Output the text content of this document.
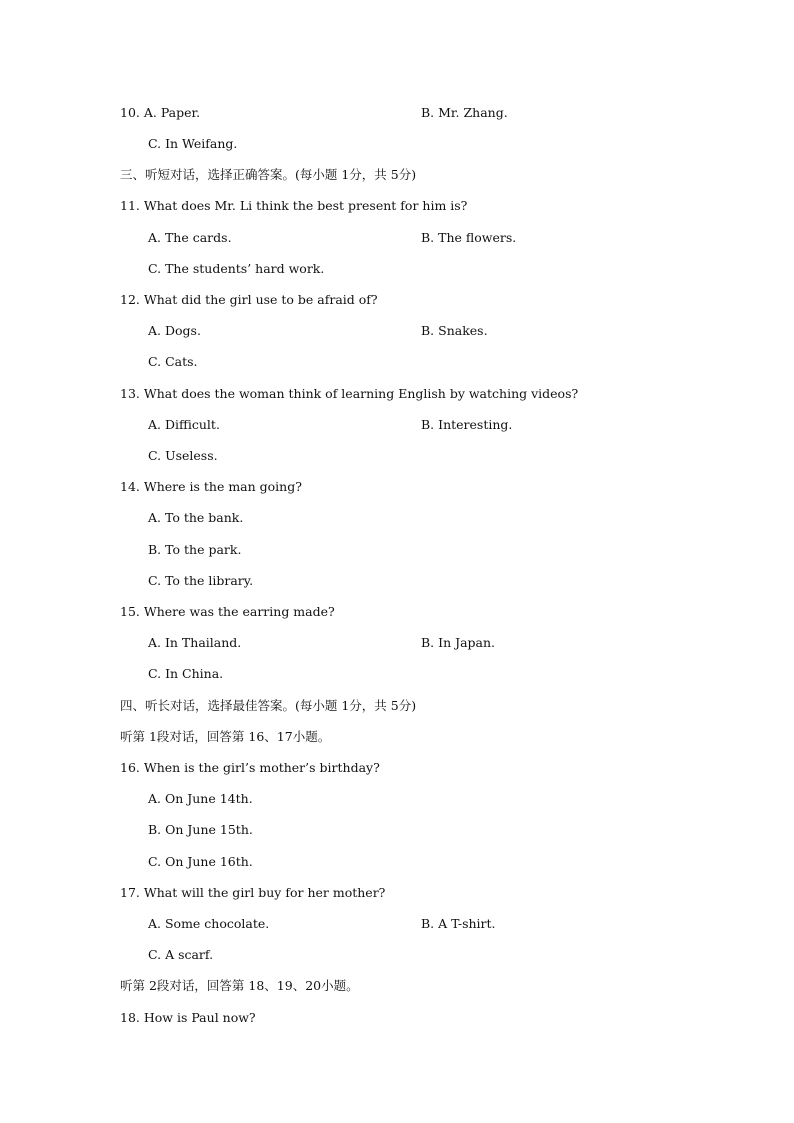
10. A. Paper.	B. Mr. Zhang.
C. In Weifang.
三、听短对话，选择正确答案。(每小题 1分，共 5分)
11. What does Mr. Li think the best present for him is?
A. The cards.	B. The flowers.
C. The students’ hard work.
12. What did the girl use to be afraid of?
A. Dogs.	B. Snakes.
C. Cats.
13. What does the woman think of learning English by watching videos?
A. Difficult.	B. Interesting.
C. Useless.
14. Where is the man going?
A. To the bank.
B. To the park.
C. To the library.
15. Where was the earring made?
A. In Thailand.	B. In Japan.
C. In China.
四、听长对话，选择最佳答案。(每小题 1分，共 5分)
听第 1段对话，回答第 16、17小题。
16. When is the girl’s mother’s birthday?
A. On June 14th.
B. On June 15th.
C. On June 16th.
17. What will the girl buy for her mother?
A. Some chocolate.	B. A T-shirt.
C. A scarf.
听第 2段对话，回答第 18、19、20小题。
18. How is Paul now?
